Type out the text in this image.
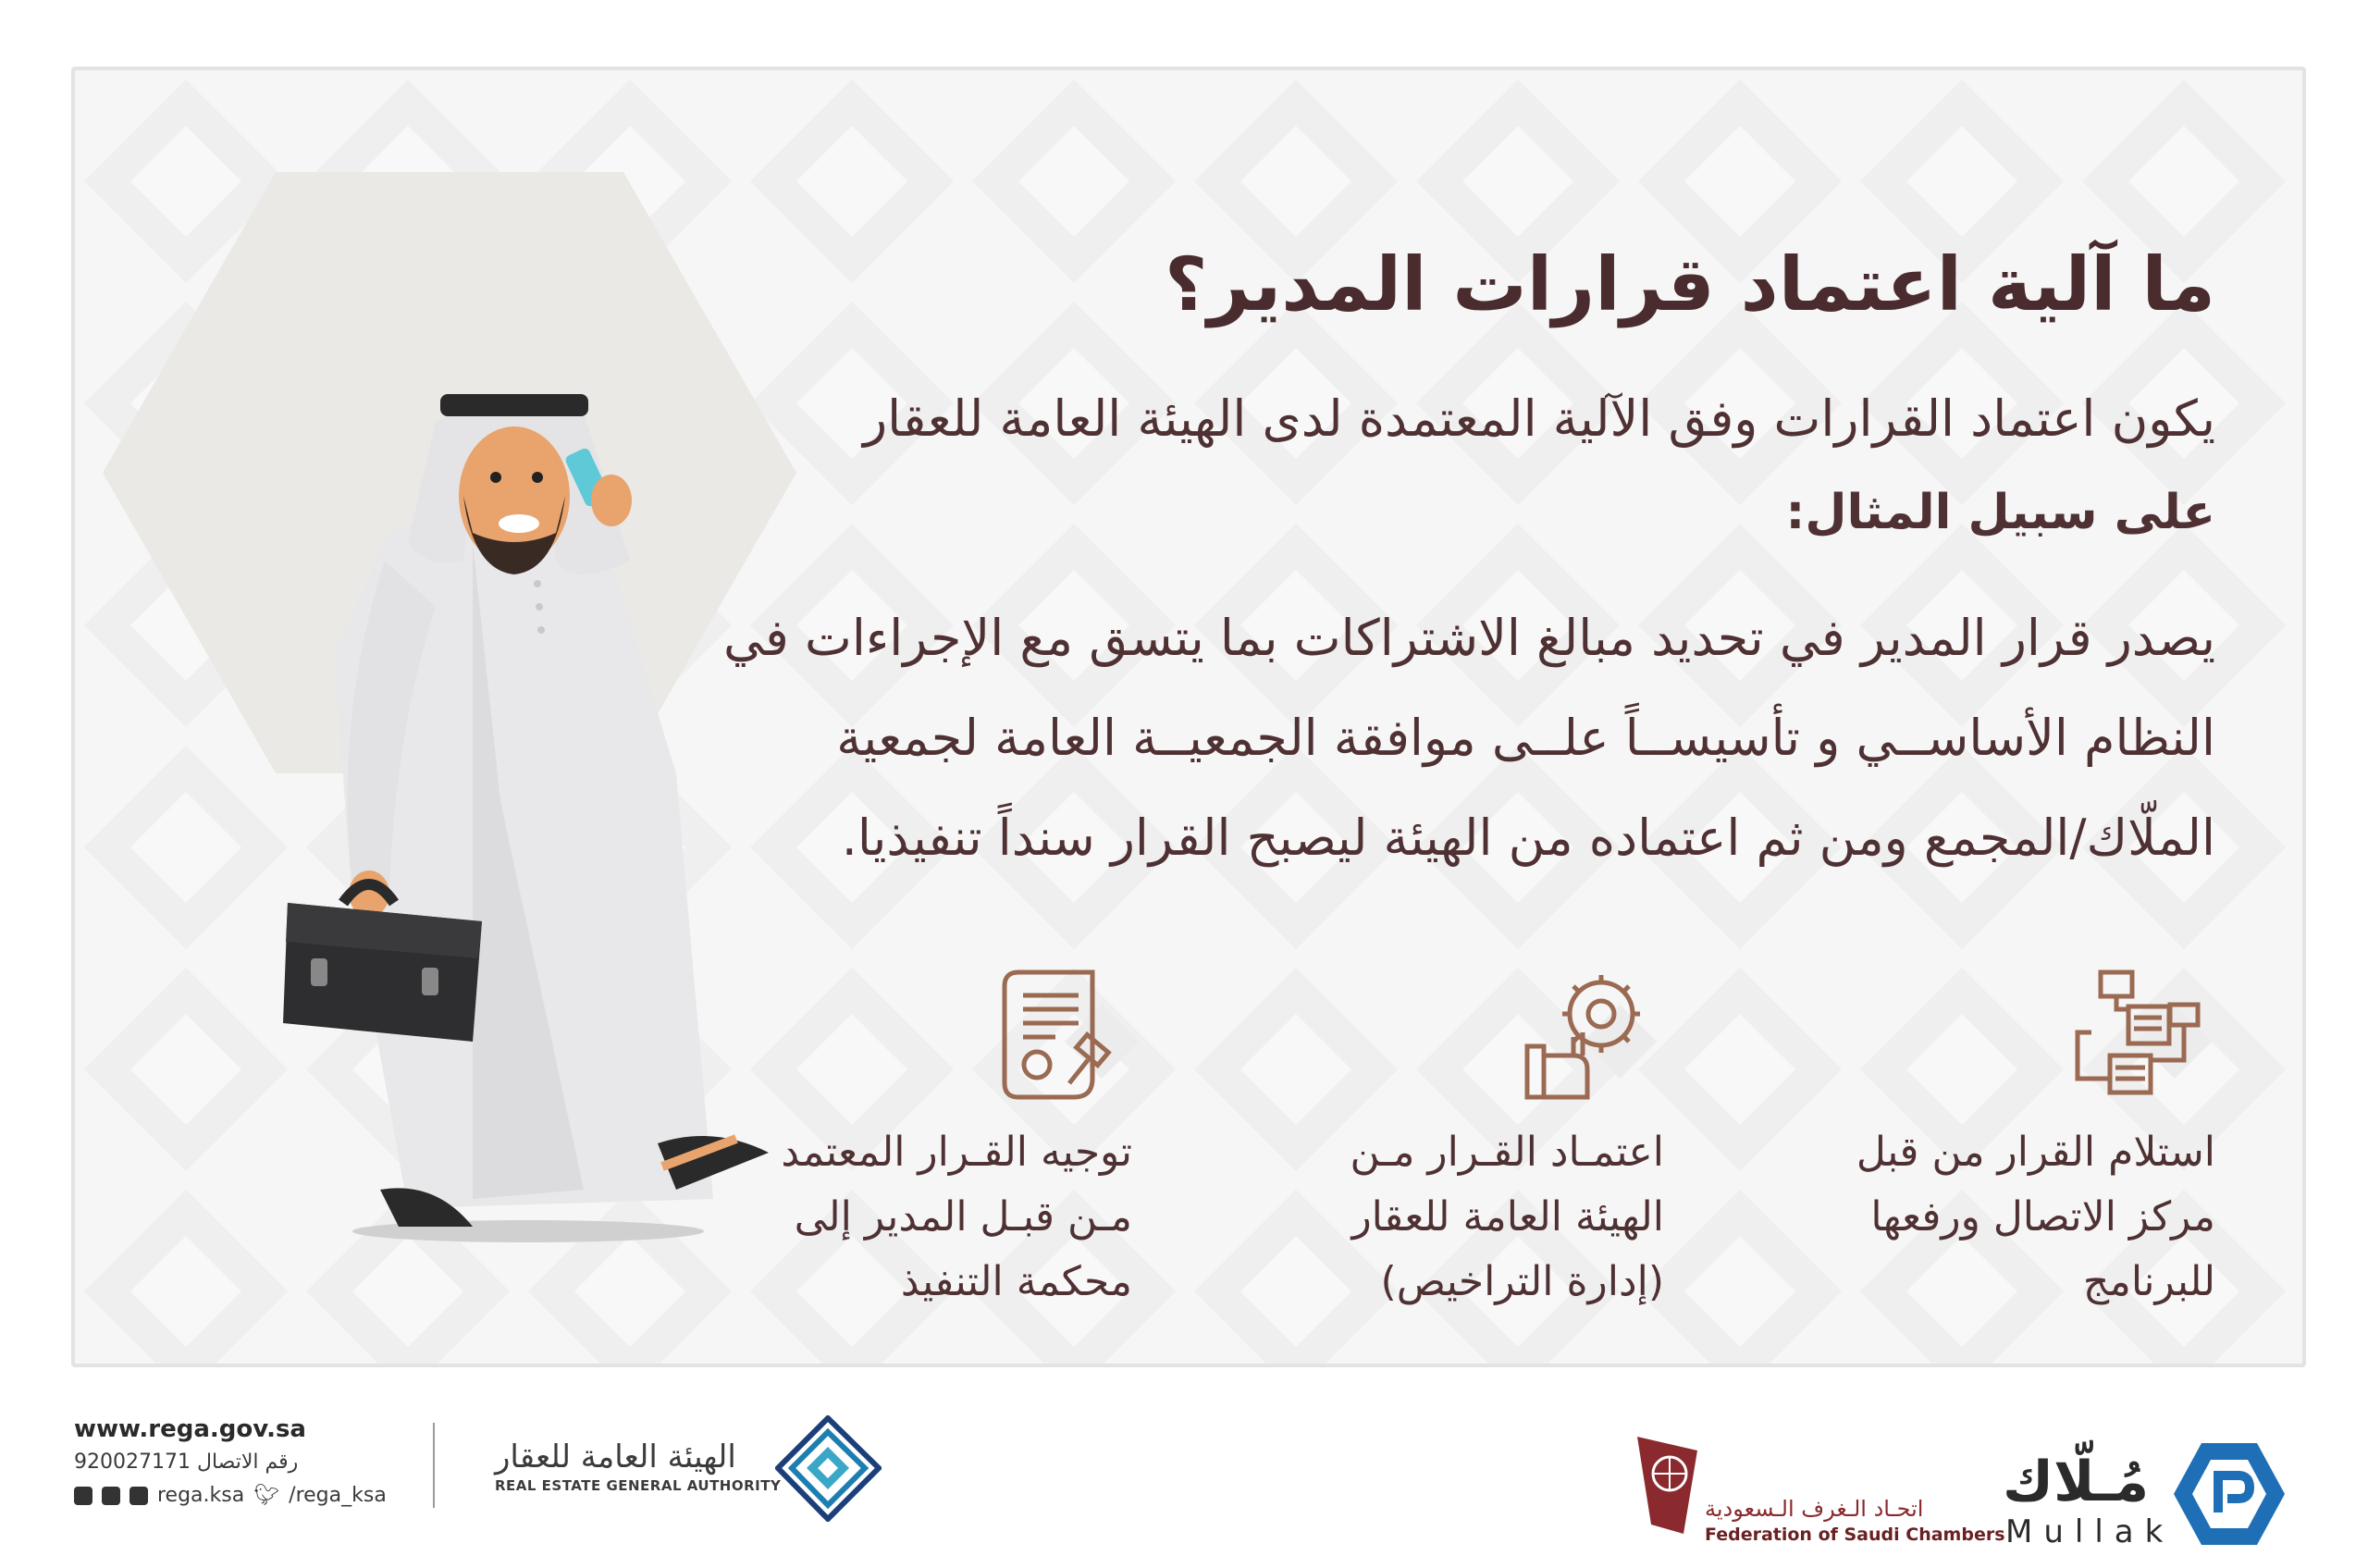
ما آلية اعتماد قرارات المدير؟
يكون اعتماد القرارات وفق الآلية المعتمدة لدى الهيئة العامة للعقار
على سبيل المثال:
يصدر قرار المدير في تحديد مبالغ الاشتراكات بما يتسق مع الإجراءات في
النظام الأساســي و تأسيســاً علــى موافقة الجمعيــة العامة لجمعية
الملّاك/المجمع ومن ثم اعتماده من الهيئة ليصبح القرار سنداً تنفيذيا.
استلام القرار من قبل
مركز الاتصال ورفعها
للبرنامج
اعتمـاد القـرار مـن
الهيئة العامة للعقار
(إدارة التراخيص)
توجيه القـرار المعتمد
مـن قبـل المدير إلى
محكمة التنفيذ
www.rega.gov.sa
رقم الاتصال 920027171
rega.ksa 🐦︎ /rega_ksa
الهيئة العامة للعقار
REAL ESTATE GENERAL AUTHORITY
اتحـاد الـغرف الـسعودية
Federation of Saudi Chambers
مُـلّاك
Mullak
